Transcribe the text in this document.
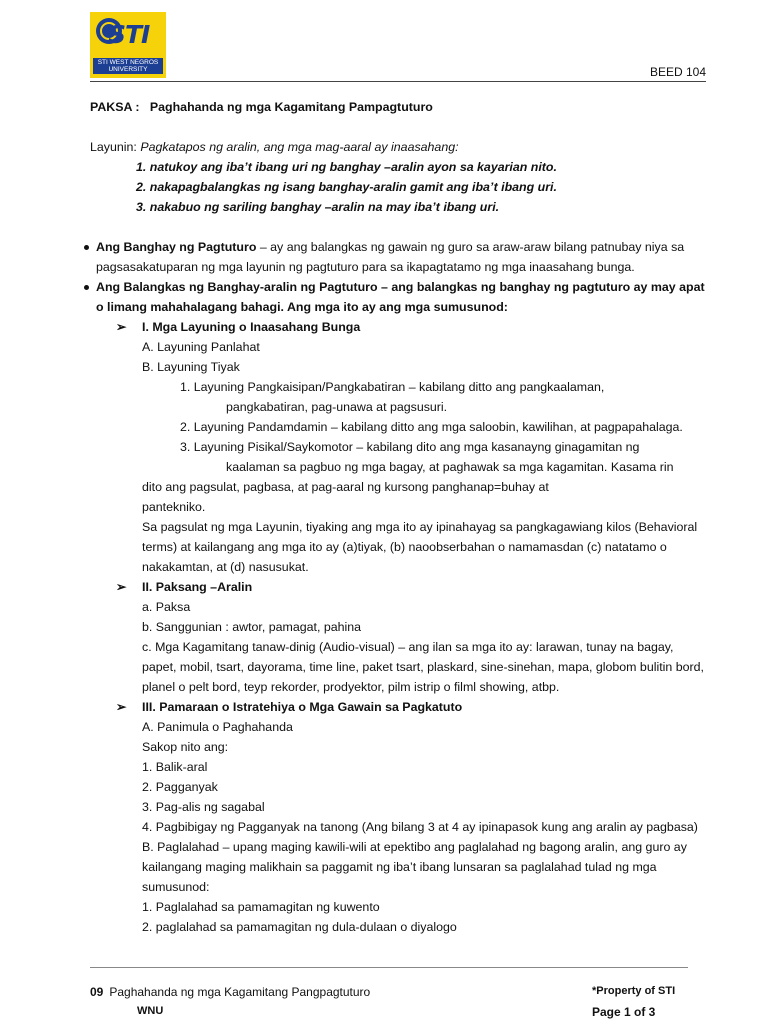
STI
STI WEST NEGROS UNIVERSITY	BEED 104

PAKSA : Paghahanda ng mga Kagamitang Pampagtuturo

Layunin: Pagkatapos ng aralin, ang mga mag-aaral ay inaasahang:

1. natukoy ang iba’t ibang uri ng banghay –aralin ayon sa kayarian nito.

2. nakapagbalangkas ng isang banghay-aralin gamit ang iba’t ibang uri.

3. nakabuo ng sariling banghay –aralin na may iba’t ibang uri.

Ang Banghay ng Pagtuturo – ay ang balangkas ng gawain ng guro sa araw-araw bilang patnubay niya sa pagsasakatuparan ng mga layunin ng pagtuturo para sa ikapagtatamo ng mga inaasahang bunga.

Ang Balangkas ng Banghay-aralin ng Pagtuturo – ang balangkas ng banghay ng pagtuturo ay may apat o limang mahahalagang bahagi. Ang mga ito ay ang mga sumusunod:

➢ I. Mga Layuning o Inaasahang Bunga

A. Layuning Panlahat

B. Layuning Tiyak

1. Layuning Pangkaisipan/Pangkabatiran – kabilang ditto ang pangkaalaman,

pangkabatiran, pag-unawa at pagsusuri.

2. Layuning Pandamdamin – kabilang ditto ang mga saloobin, kawilihan, at pagpapahalaga.

3. Layuning Pisikal/Saykomotor – kabilang dito ang mga kasanayng ginagamitan ng

kaalaman sa pagbuo ng mga bagay, at paghawak sa mga kagamitan. Kasama rin

dito ang pagsulat, pagbasa, at pag-aaral ng kursong panghanap=buhay at

pantekniko.

Sa pagsulat ng mga Layunin, tiyaking ang mga ito ay ipinahayag sa pangkagawiang kilos (Behavioral terms) at kailangang ang mga ito ay (a)tiyak, (b) naoobserbahan o namamasdan (c) natatamo o nakakamtan, at (d) nasusukat.

➢ II. Paksang –Aralin

a. Paksa

b. Sanggunian : awtor, pamagat, pahina

c. Mga Kagamitang tanaw-dinig (Audio-visual) – ang ilan sa mga ito ay: larawan, tunay na bagay, papet, mobil, tsart, dayorama, time line, paket tsart, plaskard, sine-sinehan, mapa, globom bulitin bord, planel o pelt bord, teyp rekorder, prodyektor, pilm istrip o filml showing, atbp.

➢ III. Pamaraan o Istratehiya o Mga Gawain sa Pagkatuto

A. Panimula o Paghahanda

Sakop nito ang:

1. Balik-aral

2. Pagganyak

3. Pag-alis ng sagabal

4. Pagbibigay ng Pagganyak na tanong (Ang bilang 3 at 4 ay ipinapasok kung ang aralin ay pagbasa)

B. Paglalahad – upang maging kawili-wili at epektibo ang paglalahad ng bagong aralin, ang guro ay kailangang maging malikhain sa paggamit ng iba’t ibang lunsaran sa paglalahad tulad ng mga sumusunod:

1. Paglalahad sa pamamagitan ng kuwento

2. paglalahad sa pamamagitan ng dula-dulaan o diyalogo

09 Paghahanda ng mga Kagamitang Pangpagtuturo
WNU
*Property of STI
Page 1 of 3
